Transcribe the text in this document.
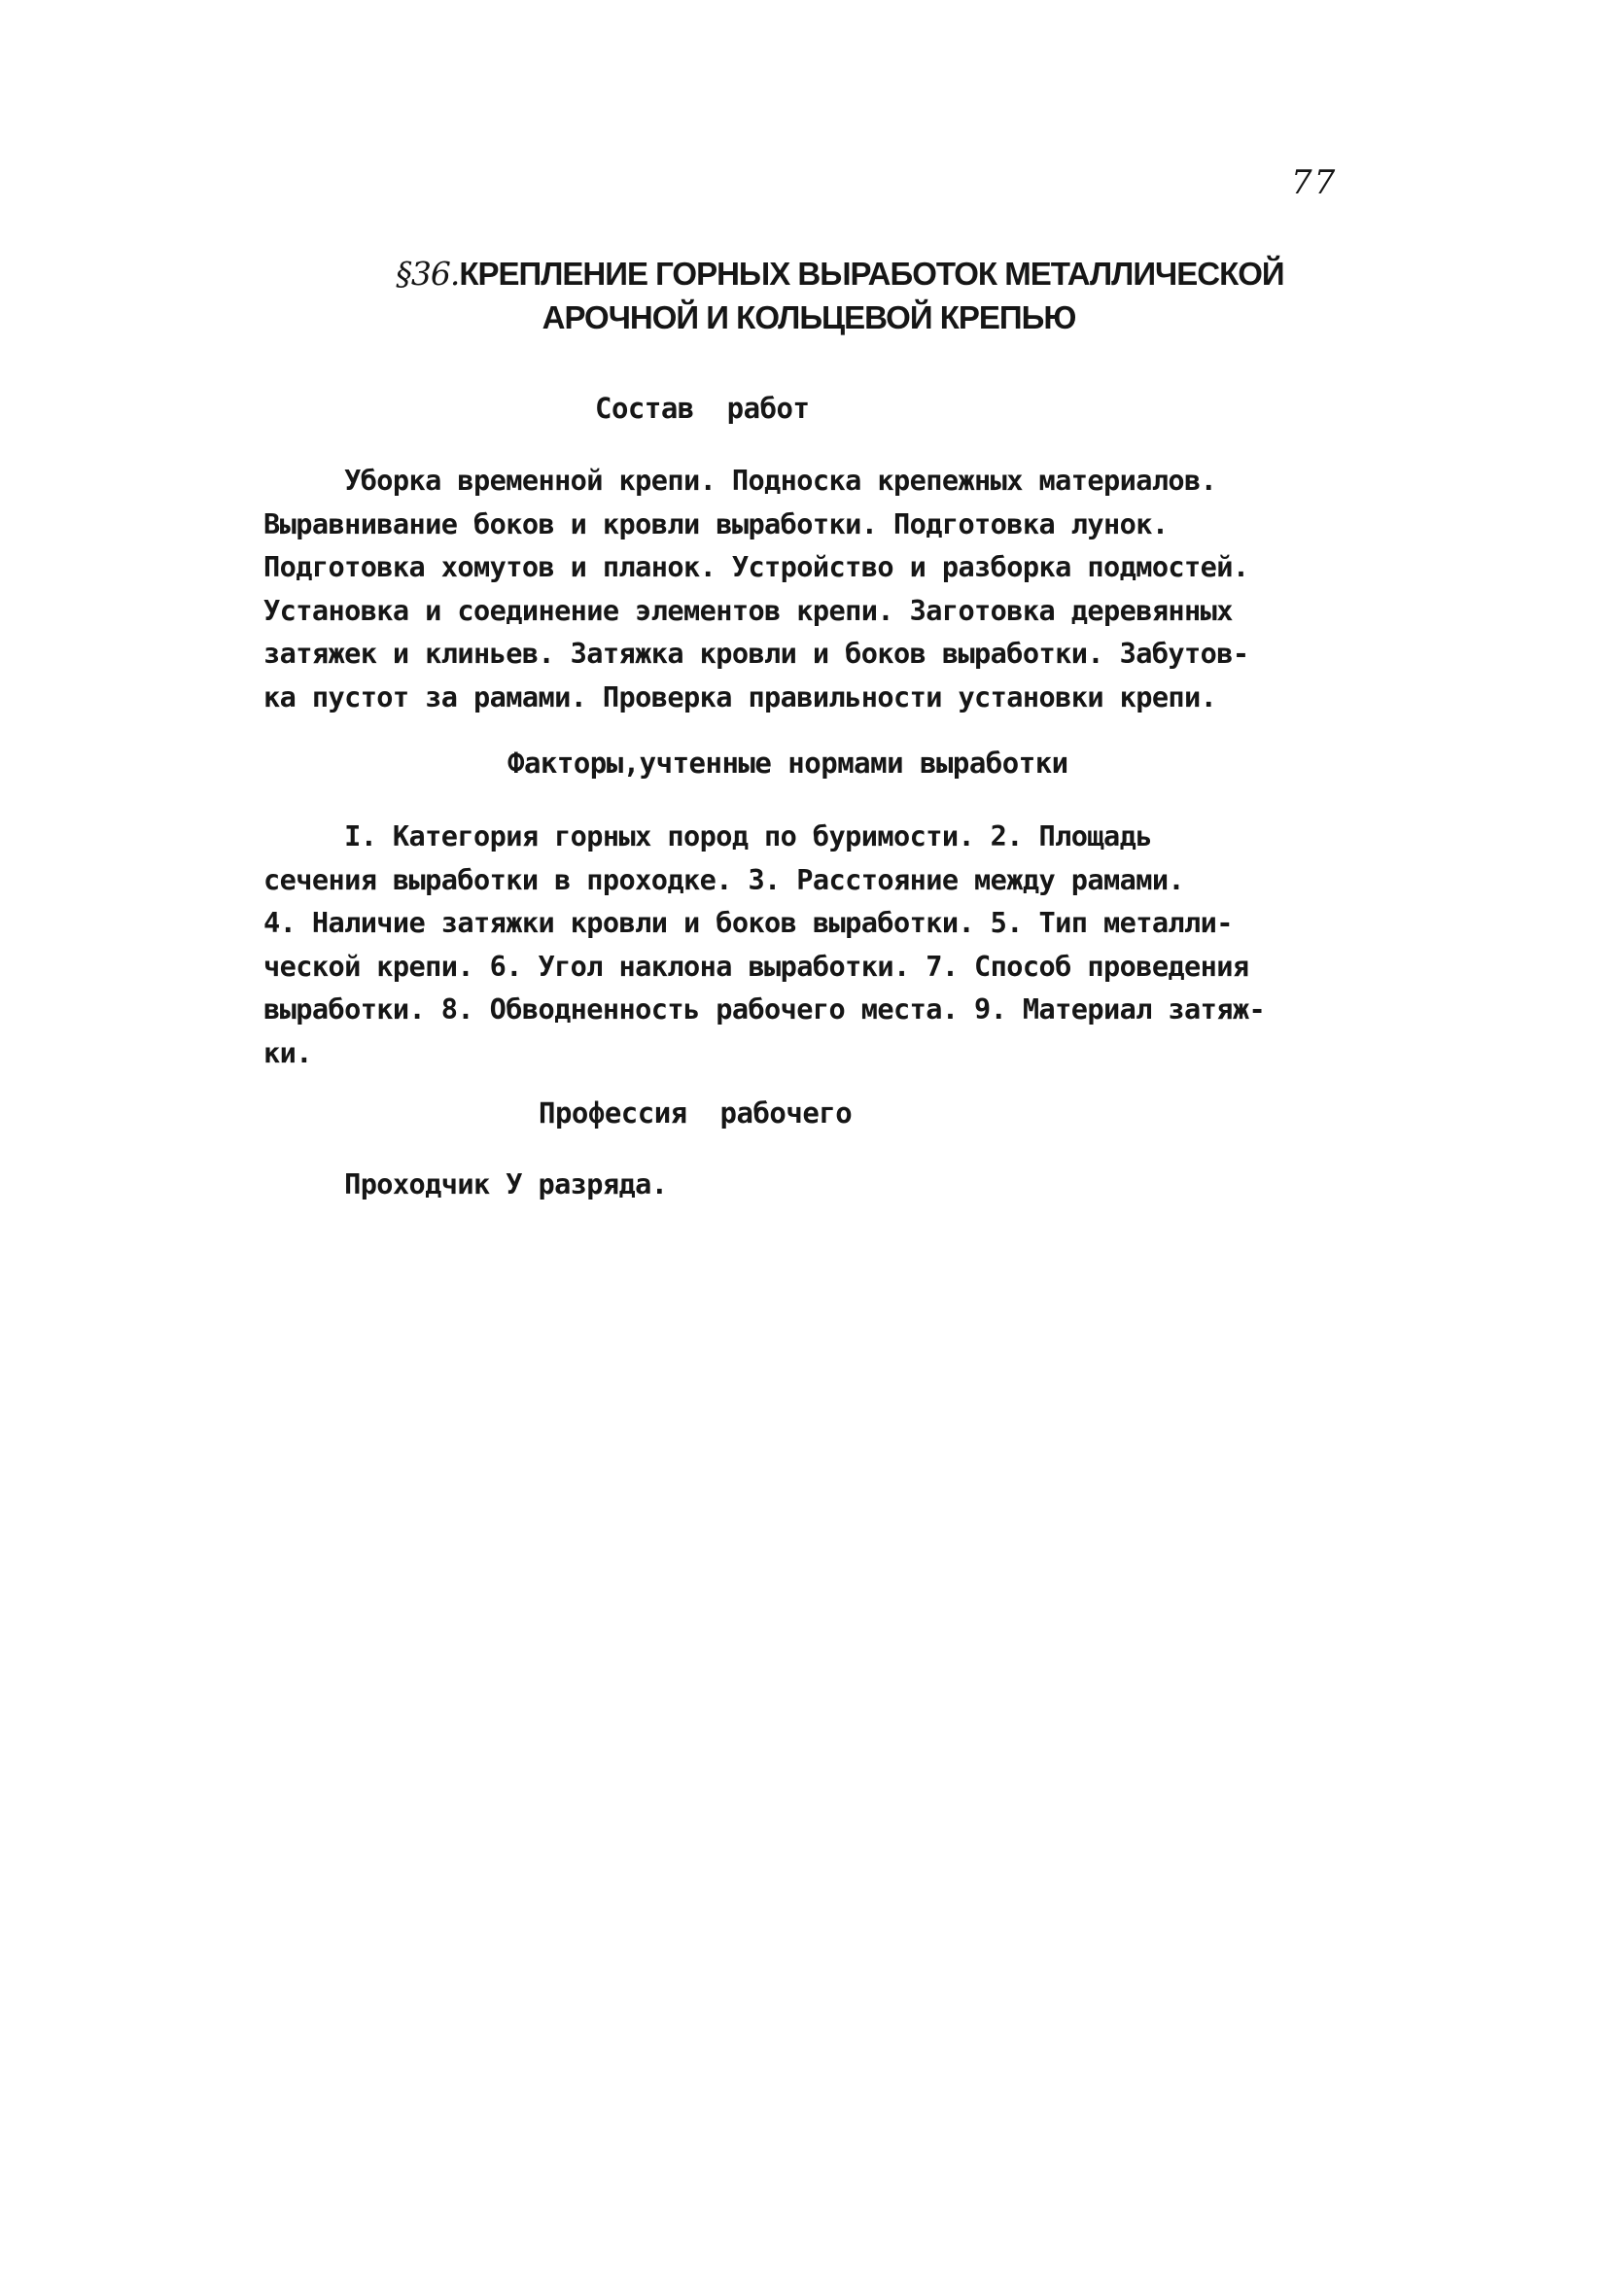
77
§36.КРЕПЛЕНИЕ ГОРНЫХ ВЫРАБОТОК МЕТАЛЛИЧЕСКОЙ
АРОЧНОЙ И КОЛЬЦЕВОЙ КРЕПЬЮ
Состав  работ
Уборка временной крепи. Подноска крепежных материалов.
Выравнивание боков и кровли выработки. Подготовка лунок.
Подготовка хомутов и планок. Устройство и разборка подмостей.
Установка и соединение элементов крепи. Заготовка деревянных
затяжек и клиньев. Затяжка кровли и боков выработки. Забутов-
ка пустот за рамами. Проверка правильности установки крепи.
Факторы,учтенные нормами выработки
I. Категория горных пород по буримости. 2. Площадь
сечения выработки в проходке. 3. Расстояние между рамами.
4. Наличие затяжки кровли и боков выработки. 5. Тип металли-
ческой крепи. 6. Угол наклона выработки. 7. Способ проведения
выработки. 8. Обводненность рабочего места. 9. Материал затяж-
ки.
Профессия  рабочего
Проходчик У разряда.
